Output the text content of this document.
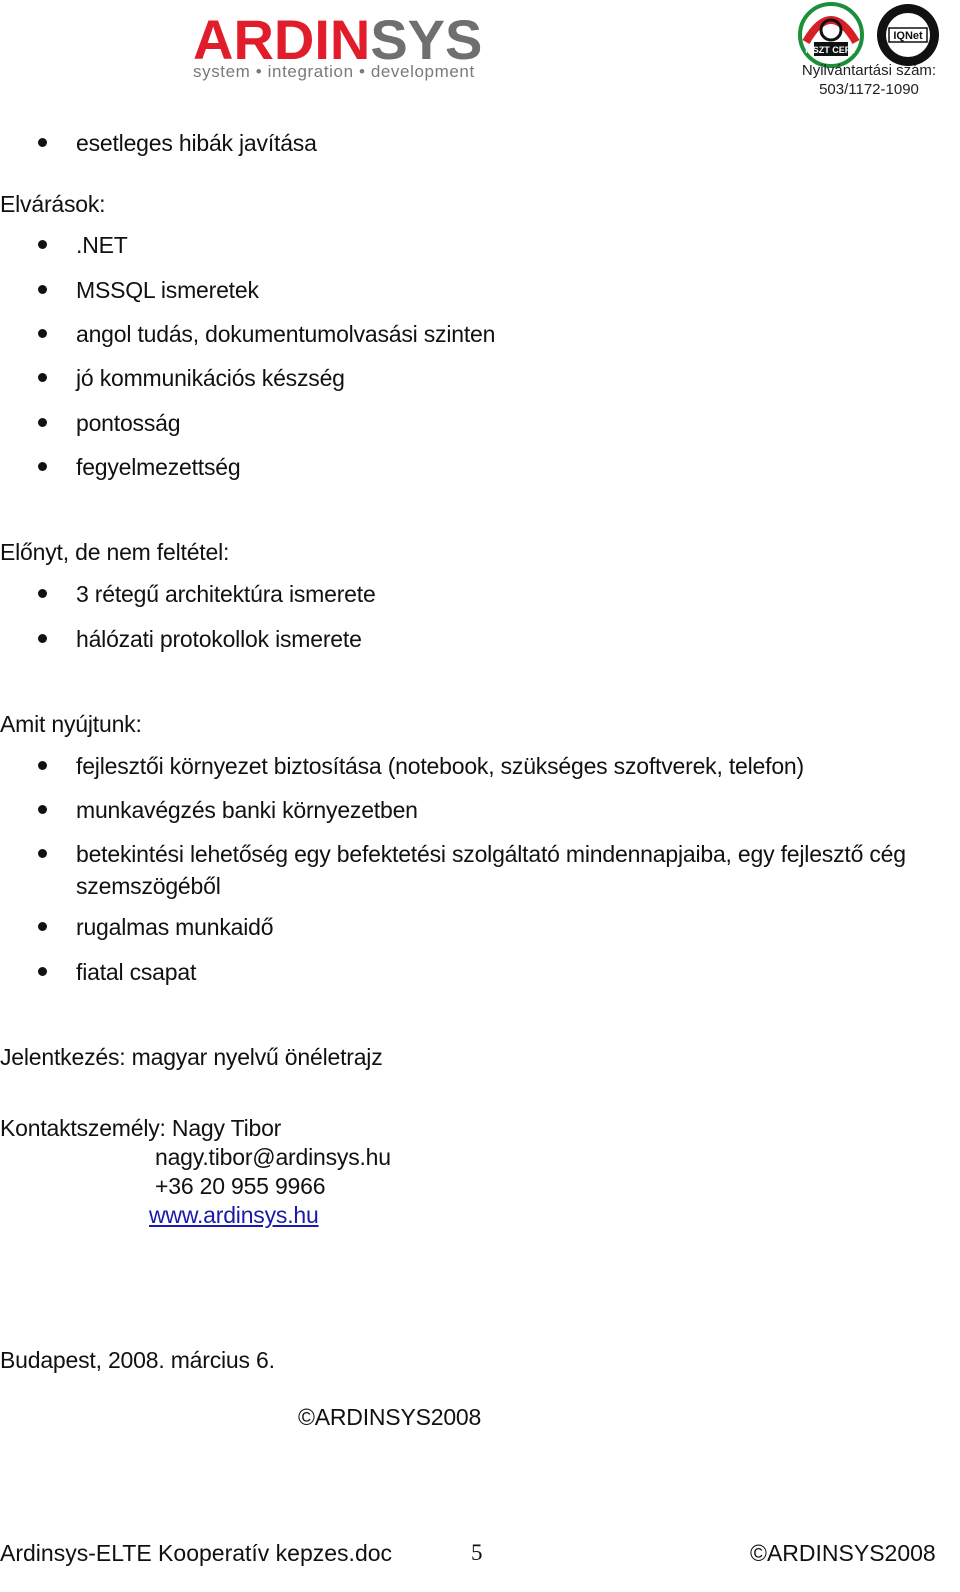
ARDINSYS
system • integration • development
MSZT CERT
IQNet
Nyilvántartási szám:
503/1172-1090
esetleges hibák javítása
Elvárások:
.NET
MSSQL ismeretek
angol tudás, dokumentumolvasási szinten
jó kommunikációs készség
pontosság
fegyelmezettség
Előnyt, de nem feltétel:
3 rétegű architektúra ismerete
hálózati protokollok ismerete
Amit nyújtunk:
fejlesztői környezet biztosítása (notebook, szükséges szoftverek, telefon)
munkavégzés banki környezetben
betekintési lehetőség egy befektetési szolgáltató mindennapjaiba, egy fejlesztő cég
szemszögéből
rugalmas munkaidő
fiatal csapat
Jelentkezés: magyar nyelvű önéletrajz
Kontaktszemély: Nagy Tibor
nagy.tibor@ardinsys.hu
+36 20 955 9966
www.ardinsys.hu
Budapest, 2008. március 6.
©ARDINSYS2008
Ardinsys-ELTE Kooperatív kepzes.doc	5	©ARDINSYS2008
